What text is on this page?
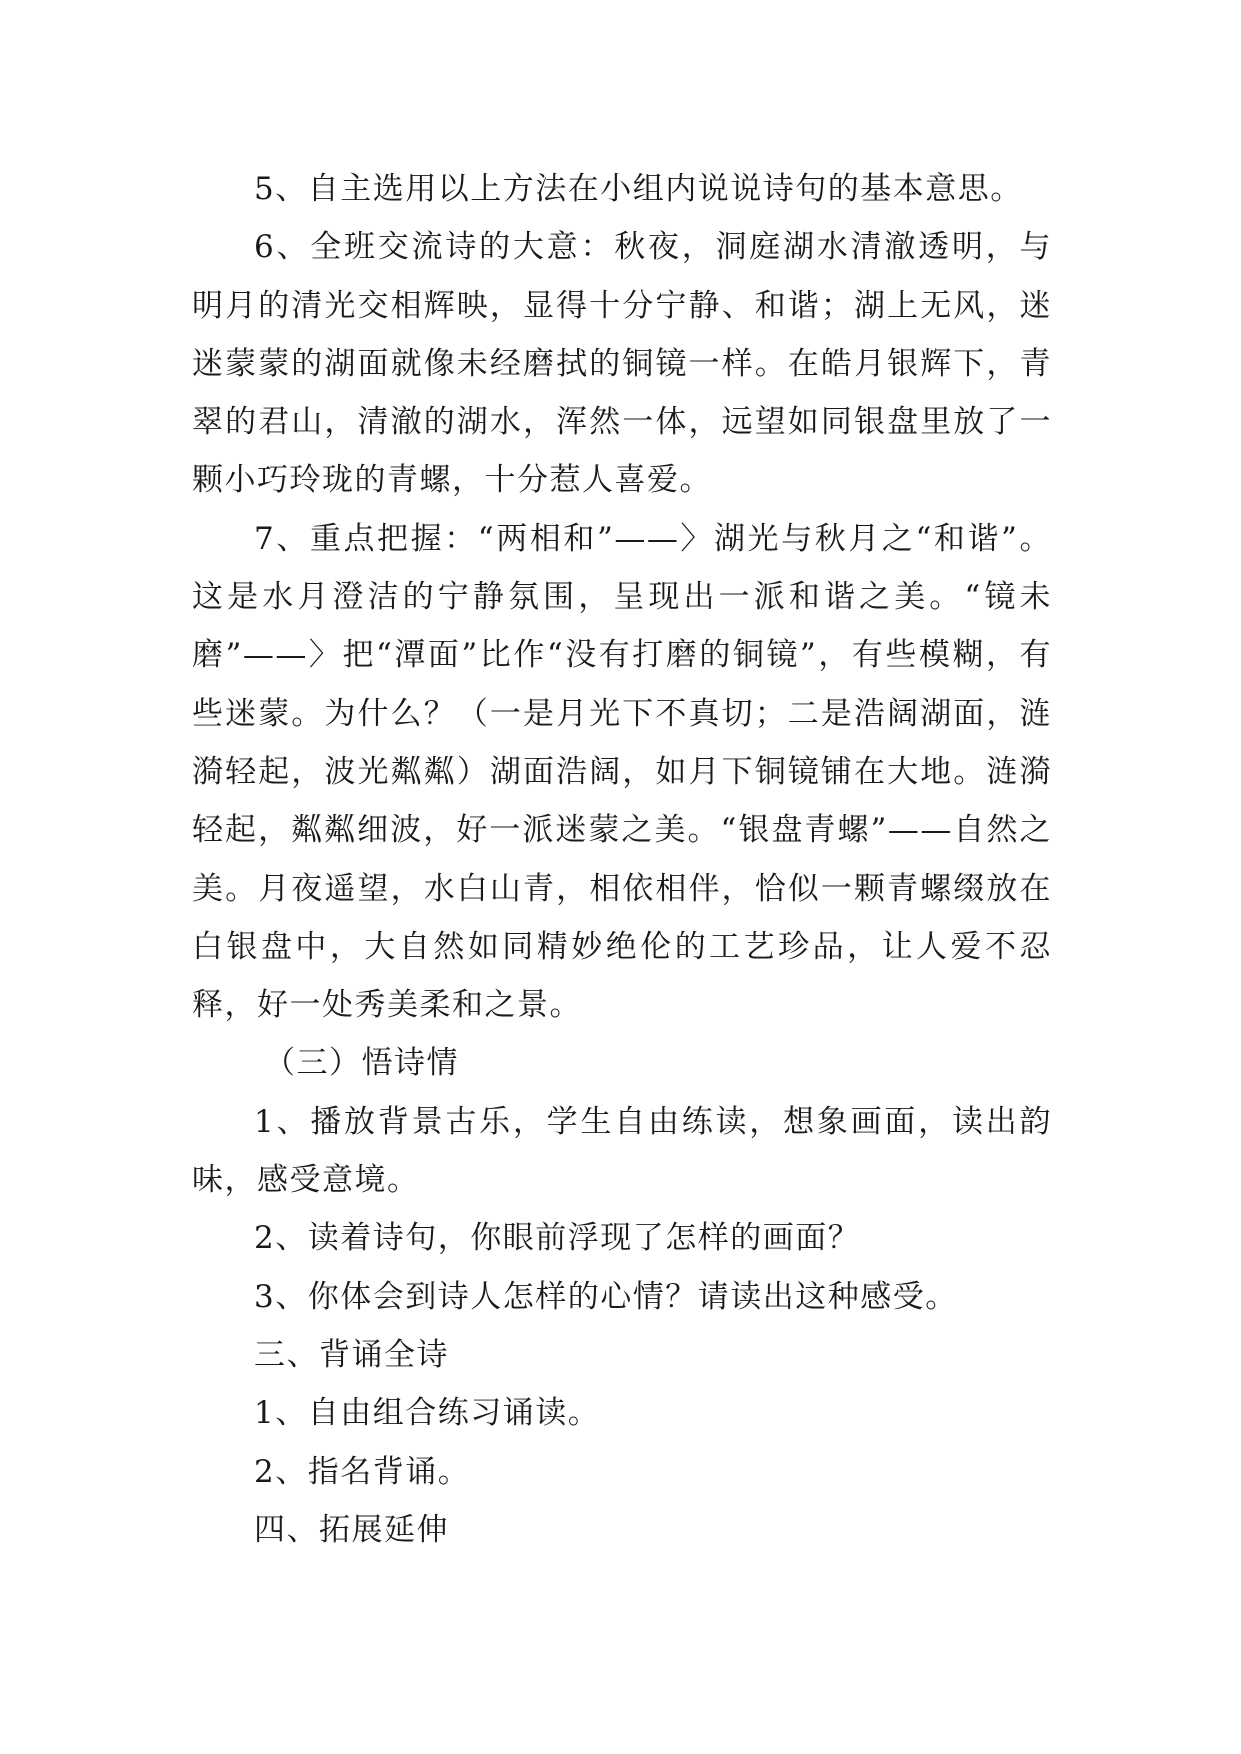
5、自主选用以上方法在小组内说说诗句的基本意思。

6、全班交流诗的大意：秋夜，洞庭湖水清澈透明，与明月的清光交相辉映，显得十分宁静、和谐；湖上无风，迷迷蒙蒙的湖面就像未经磨拭的铜镜一样。在皓月银辉下，青翠的君山，清澈的湖水，浑然一体，远望如同银盘里放了一颗小巧玲珑的青螺，十分惹人喜爱。

7、重点把握：“两相和”——〉湖光与秋月之“和谐”。这是水月澄洁的宁静氛围，呈现出一派和谐之美。“镜未磨”——〉把“潭面”比作“没有打磨的铜镜”，有些模糊，有些迷蒙。为什么？（一是月光下不真切；二是浩阔湖面，涟漪轻起，波光粼粼）湖面浩阔，如月下铜镜铺在大地。涟漪轻起，粼粼细波，好一派迷蒙之美。“银盘青螺”——自然之美。月夜遥望，水白山青，相依相伴，恰似一颗青螺缀放在白银盘中，大自然如同精妙绝伦的工艺珍品，让人爱不忍释，好一处秀美柔和之景。

（三）悟诗情

1、播放背景古乐，学生自由练读，想象画面，读出韵味，感受意境。

2、读着诗句，你眼前浮现了怎样的画面？

3、你体会到诗人怎样的心情？请读出这种感受。

三、背诵全诗

1、自由组合练习诵读。

2、指名背诵。

四、拓展延伸
